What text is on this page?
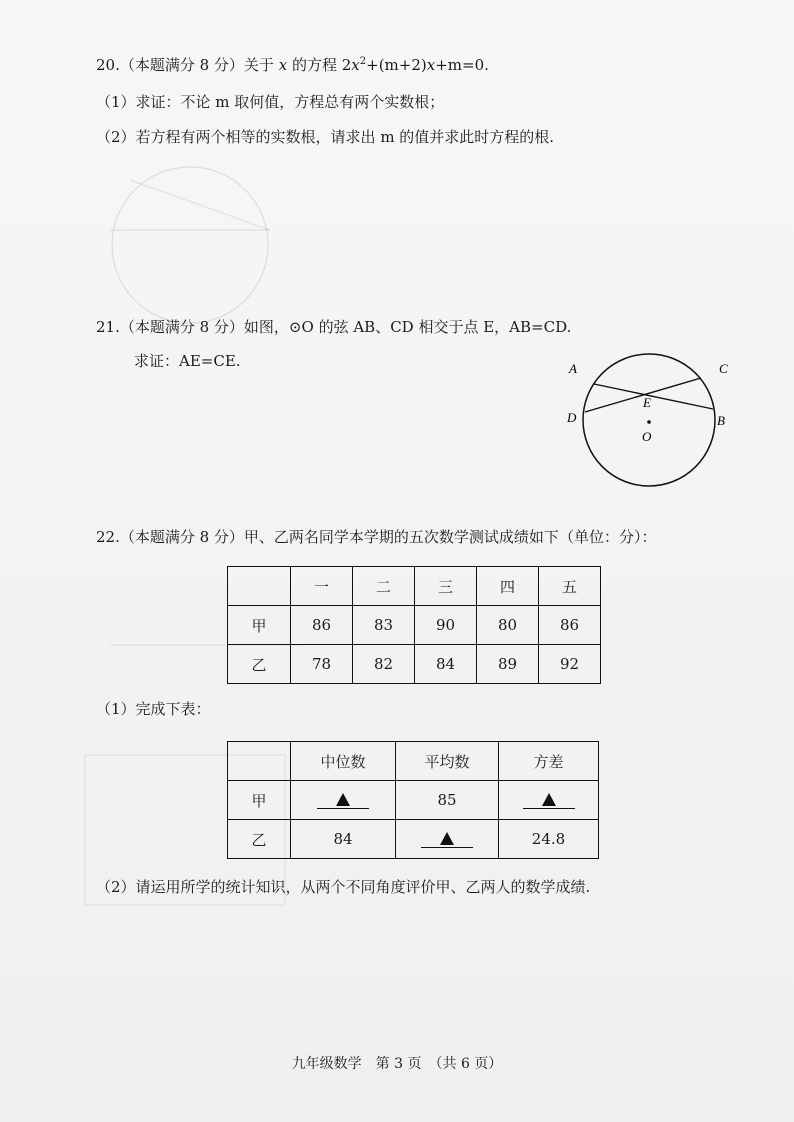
20.（本题满分 8 分）关于 x 的方程 $2x^2+(m+2)x+m=0$.
（1）求证：不论 m 取何值，方程总有两个实数根；
（2）若方程有两个相等的实数根，请求出 m 的值并求此时方程的根.
21.（本题满分 8 分）如图，⊙O 的弦 AB、CD 相交于点 E，AB=CD.
求证：AE=CE.	A	C
E
D	B
O
22.（本题满分 8 分）甲、乙两名同学本学期的五次数学测试成绩如下（单位：分）：
	一	二	三	四	五
甲	86	83	90	80	86
乙	78	82	84	89	92
（1）完成下表：
	中位数	平均数	方差
甲		85	
乙	84		24.8
（2）请运用所学的统计知识，从两个不同角度评价甲、乙两人的数学成绩.
九年级数学　第 3 页　（共 6 页）
